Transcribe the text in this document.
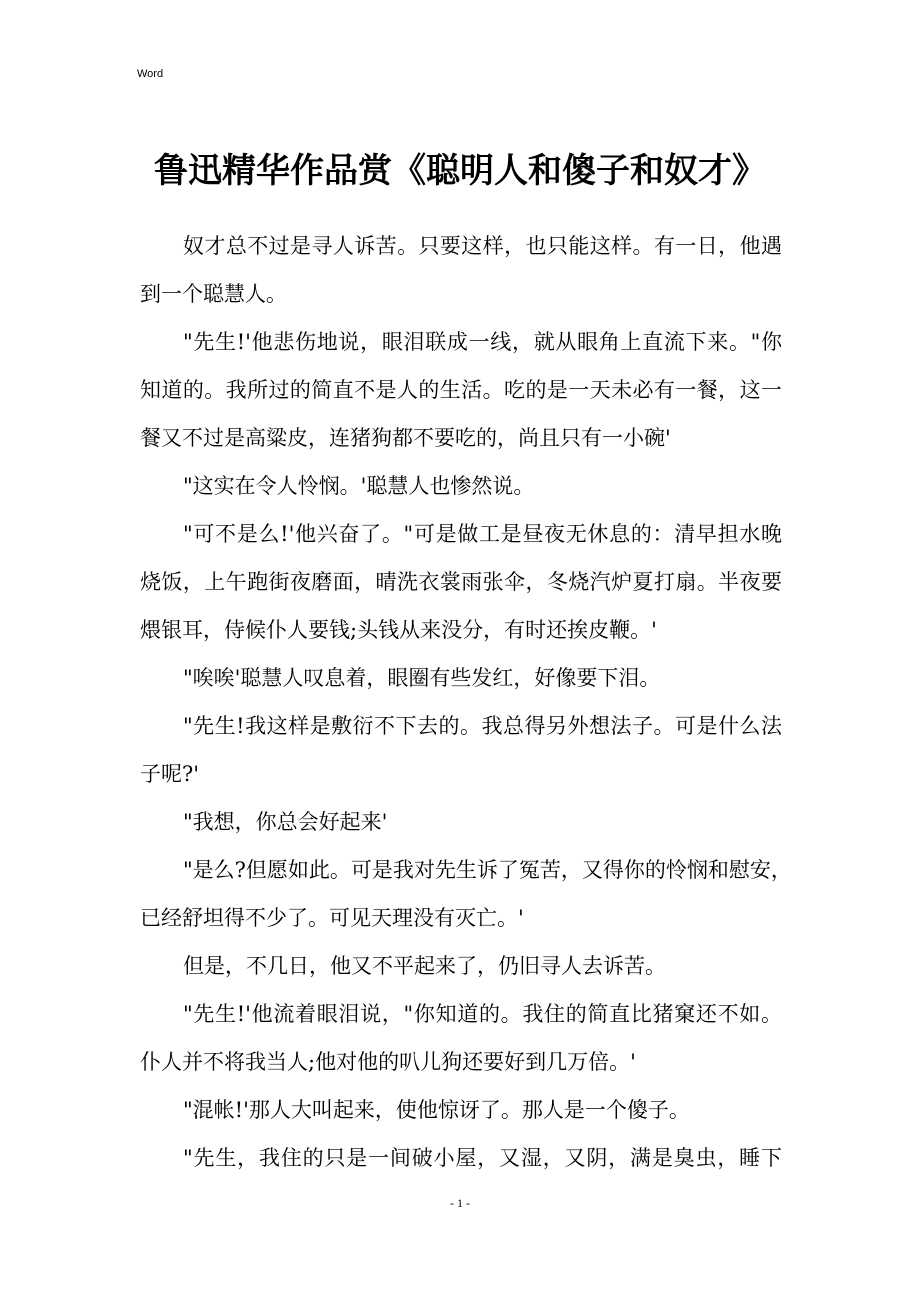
Word
鲁迅精华作品赏《聪明人和傻子和奴才》
奴才总不过是寻人诉苦。只要这样，也只能这样。有一日，他遇
到一个聪慧人。
"先生!'他悲伤地说，眼泪联成一线，就从眼角上直流下来。"你
知道的。我所过的简直不是人的生活。吃的是一天未必有一餐，这一
餐又不过是高粱皮，连猪狗都不要吃的，尚且只有一小碗'
"这实在令人怜悯。'聪慧人也惨然说。
"可不是么!'他兴奋了。"可是做工是昼夜无休息的：清早担水晚
烧饭，上午跑街夜磨面，晴洗衣裳雨张伞，冬烧汽炉夏打扇。半夜要
煨银耳，侍候仆人要钱;头钱从来没分，有时还挨皮鞭。'
"唉唉'聪慧人叹息着，眼圈有些发红，好像要下泪。
"先生!我这样是敷衍不下去的。我总得另外想法子。可是什么法
子呢?'
"我想，你总会好起来'
"是么?但愿如此。可是我对先生诉了冤苦，又得你的怜悯和慰安，
已经舒坦得不少了。可见天理没有灭亡。'
但是，不几日，他又不平起来了，仍旧寻人去诉苦。
"先生!'他流着眼泪说，"你知道的。我住的简直比猪窠还不如。
仆人并不将我当人;他对他的叭儿狗还要好到几万倍。'
"混帐!'那人大叫起来，使他惊讶了。那人是一个傻子。
"先生，我住的只是一间破小屋，又湿，又阴，满是臭虫，睡下
- 1 -
